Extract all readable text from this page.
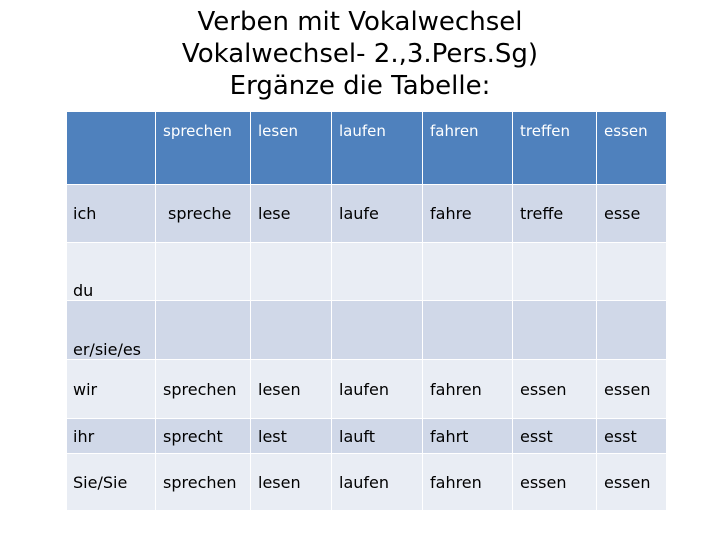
Verben mit Vokalwechsel
Vokalwechsel- 2.,3.Pers.Sg)
Ergänze die Tabelle:
	sprechen	lesen	laufen	fahren	treffen	essen
ich	spreche	lese	laufe	fahre	treffe	esse
du						
er/sie/es						
wir	sprechen	lesen	laufen	fahren	essen	essen
ihr	sprecht	lest	lauft	fahrt	esst	esst
Sie/Sie	sprechen	lesen	laufen	fahren	essen	essen
